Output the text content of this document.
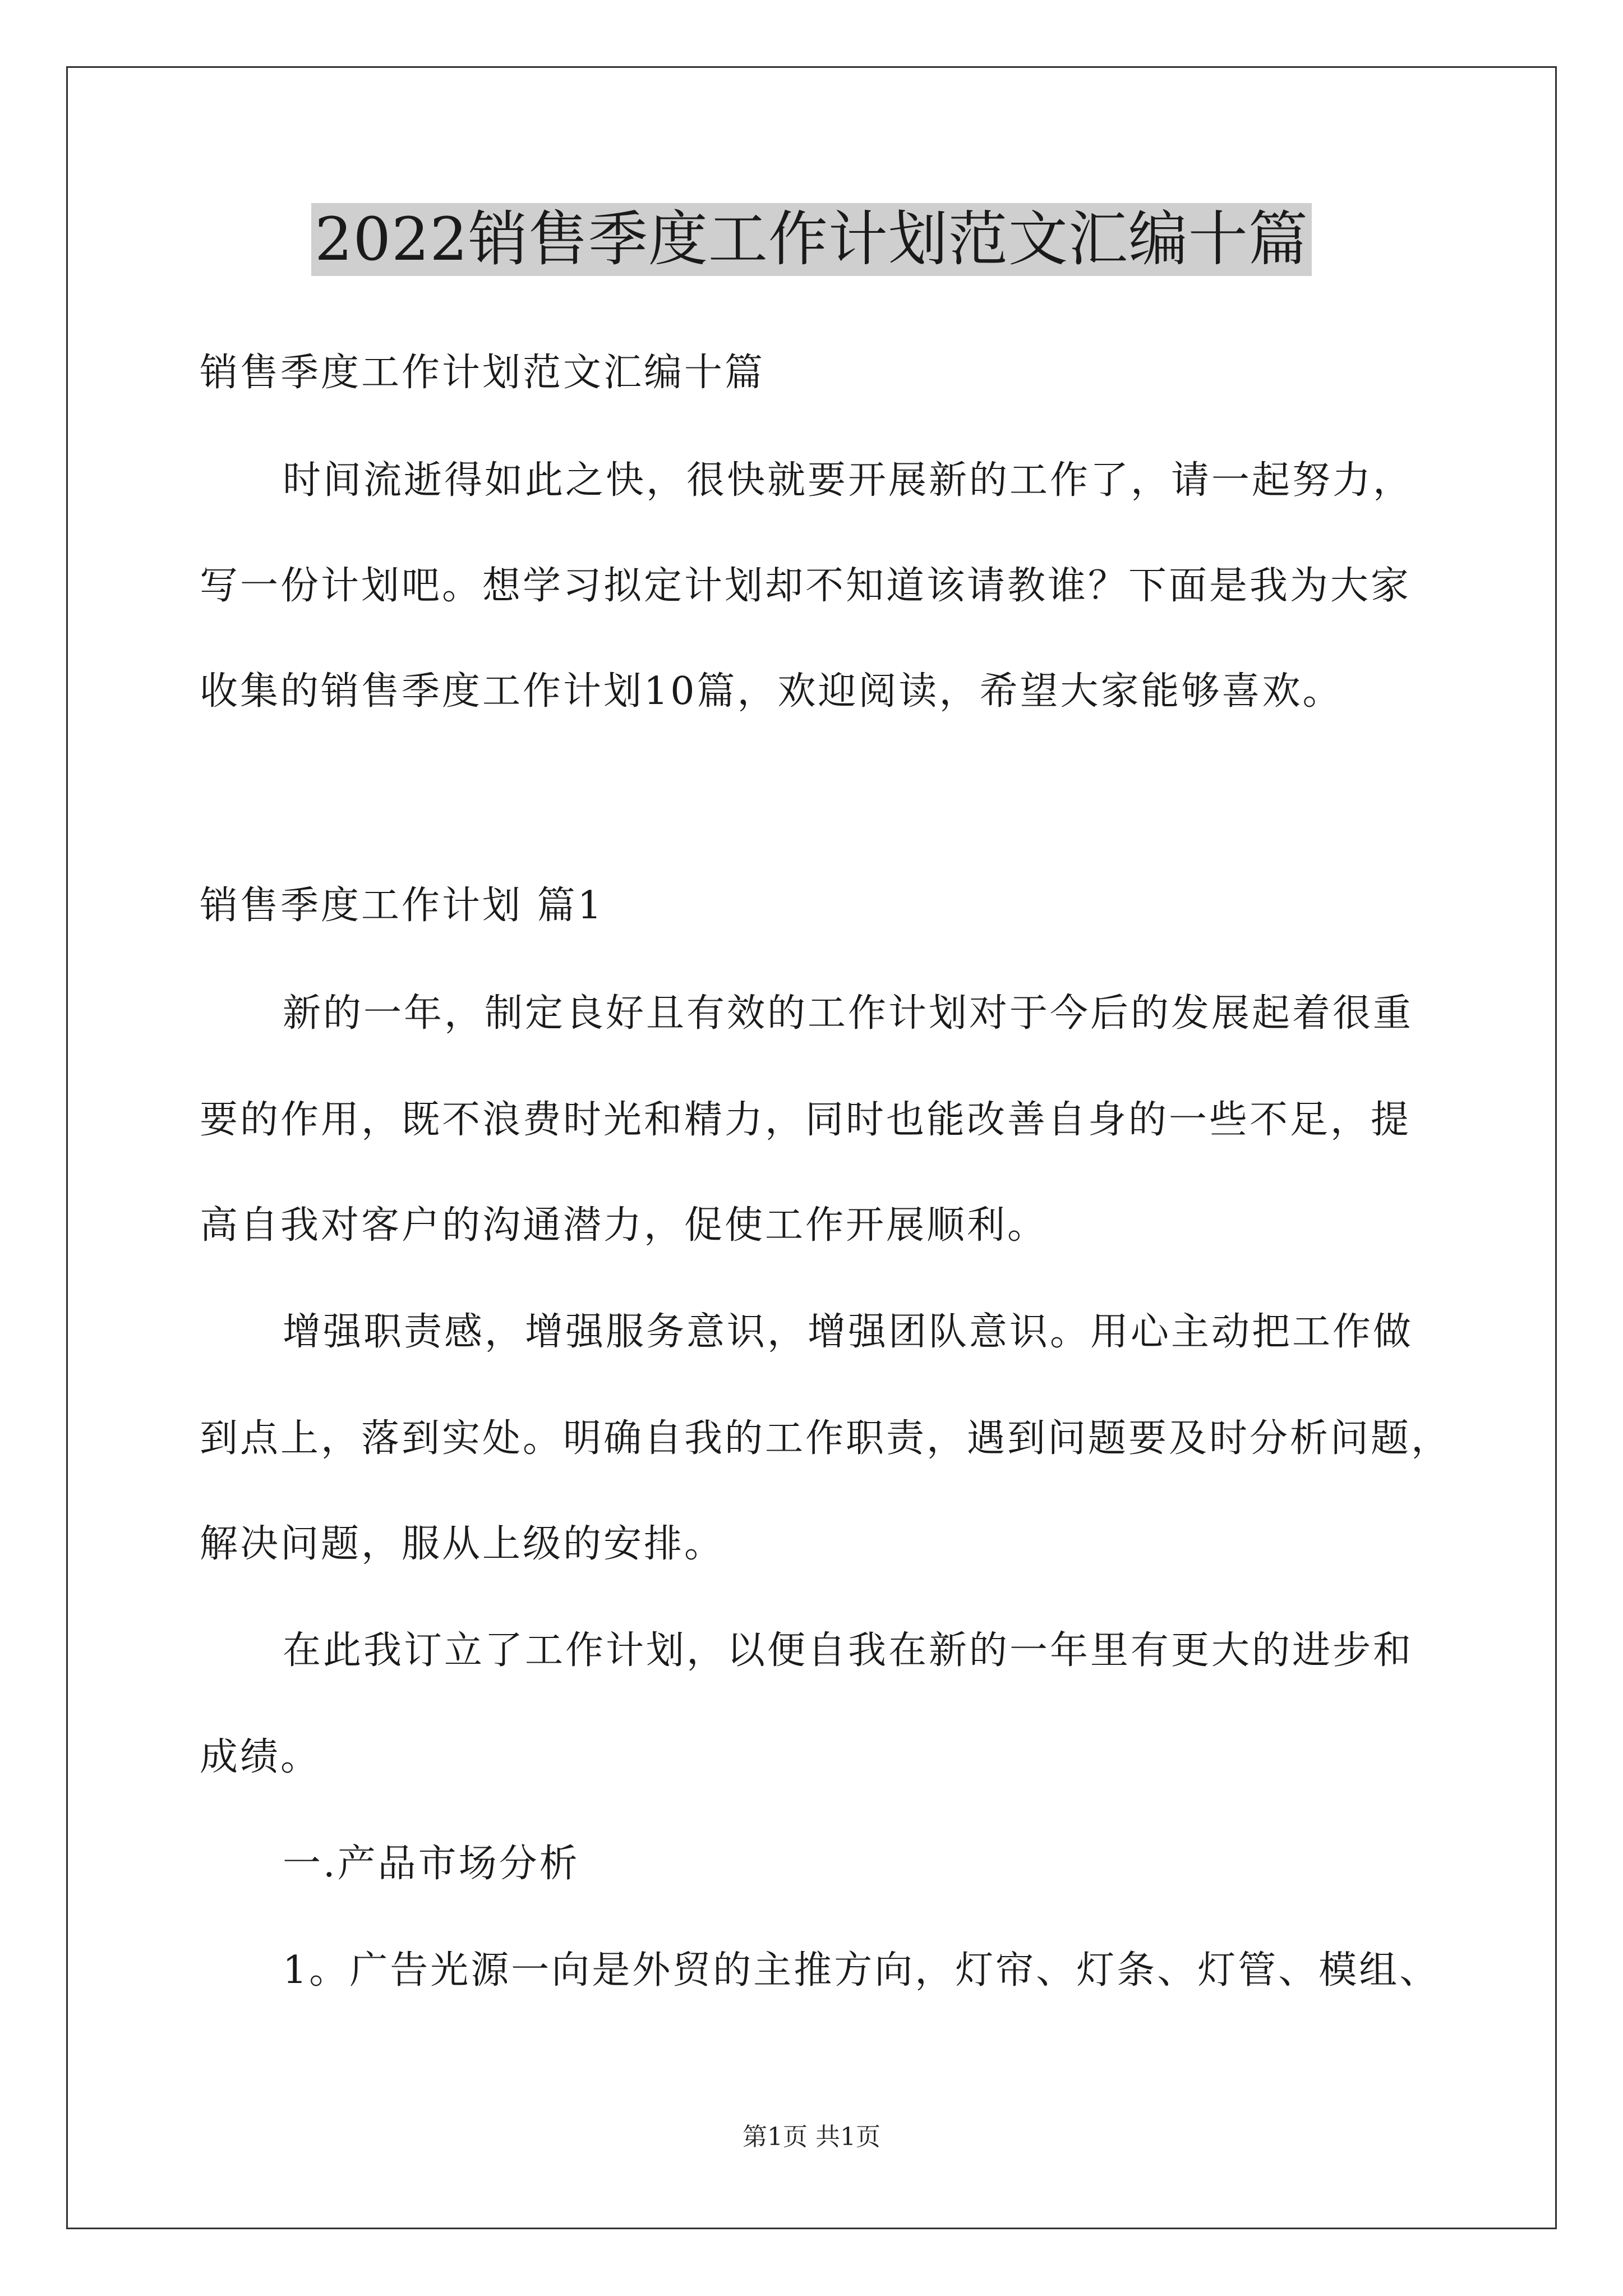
2022销售季度工作计划范文汇编十篇
销售季度工作计划范文汇编十篇
时间流逝得如此之快，很快就要开展新的工作了，请一起努力，
写一份计划吧。想学习拟定计划却不知道该请教谁？下面是我为大家
收集的销售季度工作计划10篇，欢迎阅读，希望大家能够喜欢。
销售季度工作计划 篇1
新的一年，制定良好且有效的工作计划对于今后的发展起着很重
要的作用，既不浪费时光和精力，同时也能改善自身的一些不足，提
高自我对客户的沟通潜力，促使工作开展顺利。
增强职责感，增强服务意识，增强团队意识。用心主动把工作做
到点上，落到实处。明确自我的工作职责，遇到问题要及时分析问题，
解决问题，服从上级的安排。
在此我订立了工作计划，以便自我在新的一年里有更大的进步和
成绩。
一.产品市场分析
1。广告光源一向是外贸的主推方向，灯帘、灯条、灯管、模组、
第1页 共1页
